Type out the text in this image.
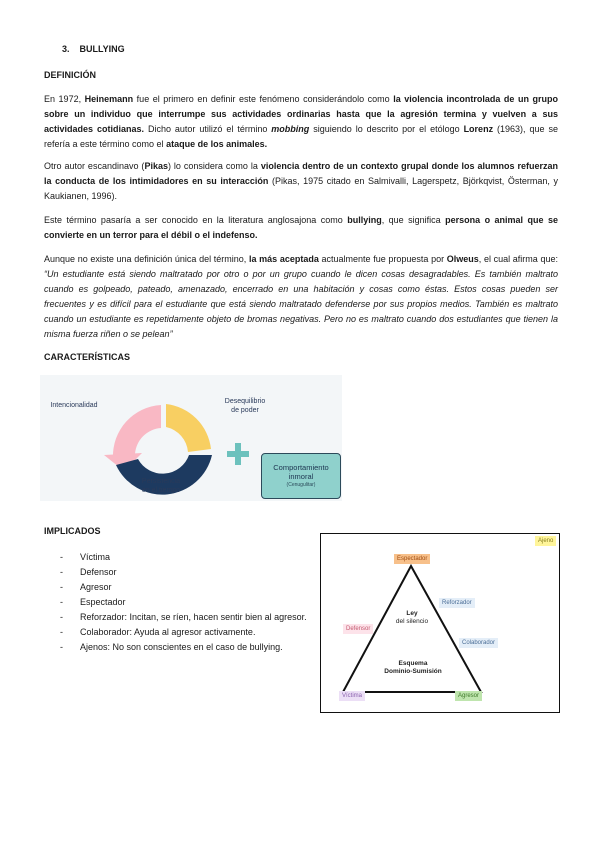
3.    BULLYING
DEFINICIÓN

En 1972, Heinemann fue el primero en definir este fenómeno considerándolo como la violencia incontrolada de un grupo sobre un individuo que interrumpe sus actividades ordinarias hasta que la agresión termina y vuelven a sus actividades cotidianas. Dicho autor utilizó el término mobbing siguiendo lo descrito por el etólogo Lorenz (1963), que se refería a este término como el ataque de los animales.

Otro autor escandinavo (Pikas) lo considera como la violencia dentro de un contexto grupal donde los alumnos refuerzan la conducta de los intimidadores en su interacción (Pikas, 1975 citado en Salmivalli, Lagerspetz, Björkqvist, Österman, y Kaukianen, 1996).

Este término pasaría a ser conocido en la literatura anglosajona como bullying, que significa persona o animal que se convierte en un terror para el débil o el indefenso.

Aunque no existe una definición única del término, la más aceptada actualmente fue propuesta por Olweus, el cual afirma que: “Un estudiante está siendo maltratado por otro o por un grupo cuando le dicen cosas desagradables. Es también maltrato cuando es golpeado, pateado, amenazado, encerrado en una habitación y cosas como éstas. Estos cosas pueden ser frecuentes y es difícil para el estudiante que está siendo maltratado defenderse por sus propios medios. También es maltrato cuando un estudiante es repetidamente objeto de bromas negativas. Pero no es maltrato cuando dos estudiantes que tienen la misma fuerza riñen o se pelean”

CARACTERÍSTICAS
Intencionalidad
Desequilibrio
de poder
Persistencia
en el tiempo
Comportamiento
inmoral
(Cenugulitar)
IMPLICADOS
- Víctima
- Defensor
- Agresor
- Espectador
- Reforzador: Incitan, se ríen, hacen sentir bien al agresor.
- Colaborador: Ayuda al agresor activamente.
- Ajenos: No son conscientes en el caso de bullying.
Espectador
Ajeno
Reforzador
Defensor
Colaborador
Víctima	Agresor
Ley
del silencio
Esquema
Dominio-Sumisión
